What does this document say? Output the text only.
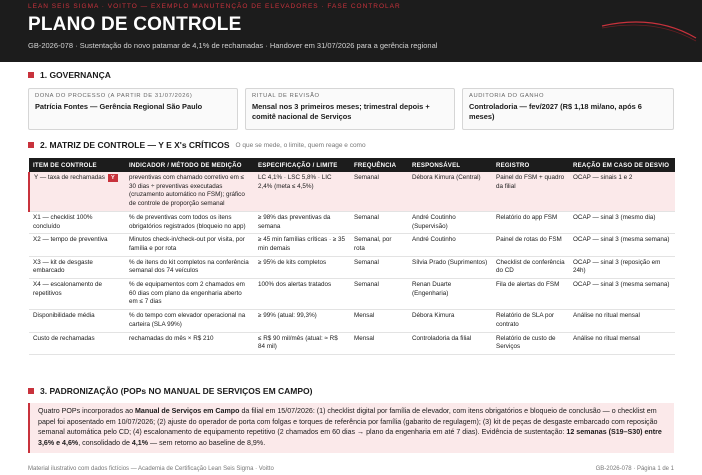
LEAN SEIS SIGMA · VOITTO — EXEMPLO MANUTENÇÃO DE ELEVADORES · FASE CONTROLAR
PLANO DE CONTROLE
GB-2026-078 · Sustentação do novo patamar de 4,1% de rechamadas · Handover em 31/07/2026 para a gerência regional
1. GOVERNANÇA
DONA DO PROCESSO (A PARTIR DE 31/07/2026)
Patrícia Fontes — Gerência Regional São Paulo
RITUAL DE REVISÃO
Mensal nos 3 primeiros meses; trimestral depois + comitê nacional de Serviços
AUDITORIA DO GANHO
Controladoria — fev/2027 (R$ 1,18 mi/ano, após 6 meses)
2. MATRIZ DE CONTROLE — Y E X's CRÍTICOS O que se mede, o limite, quem reage e como
ITEM DE CONTROLE	INDICADOR / MÉTODO DE MEDIÇÃO	ESPECIFICAÇÃO / LIMITE	FREQUÊNCIA	RESPONSÁVEL	REGISTRO	REAÇÃO EM CASO DE DESVIO
Y — taxa de rechamadas Y	preventivas com chamado corretivo em ≤ 30 dias ÷ preventivas executadas (cruzamento automático no FSM); gráfico de controle de proporção semanal	LC 4,1% · LSC 5,8% · LIC 2,4% (meta ≤ 4,5%)	Semanal	Débora Kimura (Central)	Painel do FSM + quadro da filial	OCAP — sinais 1 e 2
X1 — checklist 100% concluído	% de preventivas com todos os itens obrigatórios registrados (bloqueio no app)	≥ 98% das preventivas da semana	Semanal	André Coutinho (Supervisão)	Relatório do app FSM	OCAP — sinal 3 (mesmo dia)
X2 — tempo de preventiva	Minutos check-in/check-out por visita, por família e por rota	≥ 45 min famílias críticas · ≥ 35 min demais	Semanal, por rota	André Coutinho	Painel de rotas do FSM	OCAP — sinal 3 (mesma semana)
X3 — kit de desgaste embarcado	% de itens do kit completos na conferência semanal dos 74 veículos	≥ 95% de kits completos	Semanal	Sílvia Prado (Suprimentos)	Checklist de conferência do CD	OCAP — sinal 3 (reposição em 24h)
X4 — escalonamento de repetitivos	% de equipamentos com 2 chamados em 60 dias com plano da engenharia aberto em ≤ 7 dias	100% dos alertas tratados	Semanal	Renan Duarte (Engenharia)	Fila de alertas do FSM	OCAP — sinal 3 (mesma semana)
Disponibilidade média	% do tempo com elevador operacional na carteira (SLA 99%)	≥ 99% (atual: 99,3%)	Mensal	Débora Kimura	Relatório de SLA por contrato	Análise no ritual mensal
Custo de rechamadas	rechamadas do mês × R$ 210	≤ R$ 90 mil/mês (atual: ≈ R$ 84 mil)	Mensal	Controladoria da filial	Relatório de custo de Serviços	Análise no ritual mensal
3. PADRONIZAÇÃO (POPs NO MANUAL DE SERVIÇOS EM CAMPO)
Quatro POPs incorporados ao Manual de Serviços em Campo da filial em 15/07/2026: (1) checklist digital por família de elevador, com itens obrigatórios e bloqueio de conclusão — o checklist em papel foi aposentado em 10/07/2026; (2) ajuste do operador de porta com folgas e torques de referência por família (gabarito de regulagem); (3) kit de peças de desgaste embarcado com reposição semanal automática pelo CD; (4) escalonamento de equipamento repetitivo (2 chamados em 60 dias → plano da engenharia em até 7 dias). Evidência de sustentação: 12 semanas (S19–S30) entre 3,6% e 4,6%, consolidado de 4,1% — sem retorno ao baseline de 8,9%.
Material ilustrativo com dados fictícios — Academia de Certificação Lean Seis Sigma · Voitto	GB-2026-078 · Página 1 de 1
